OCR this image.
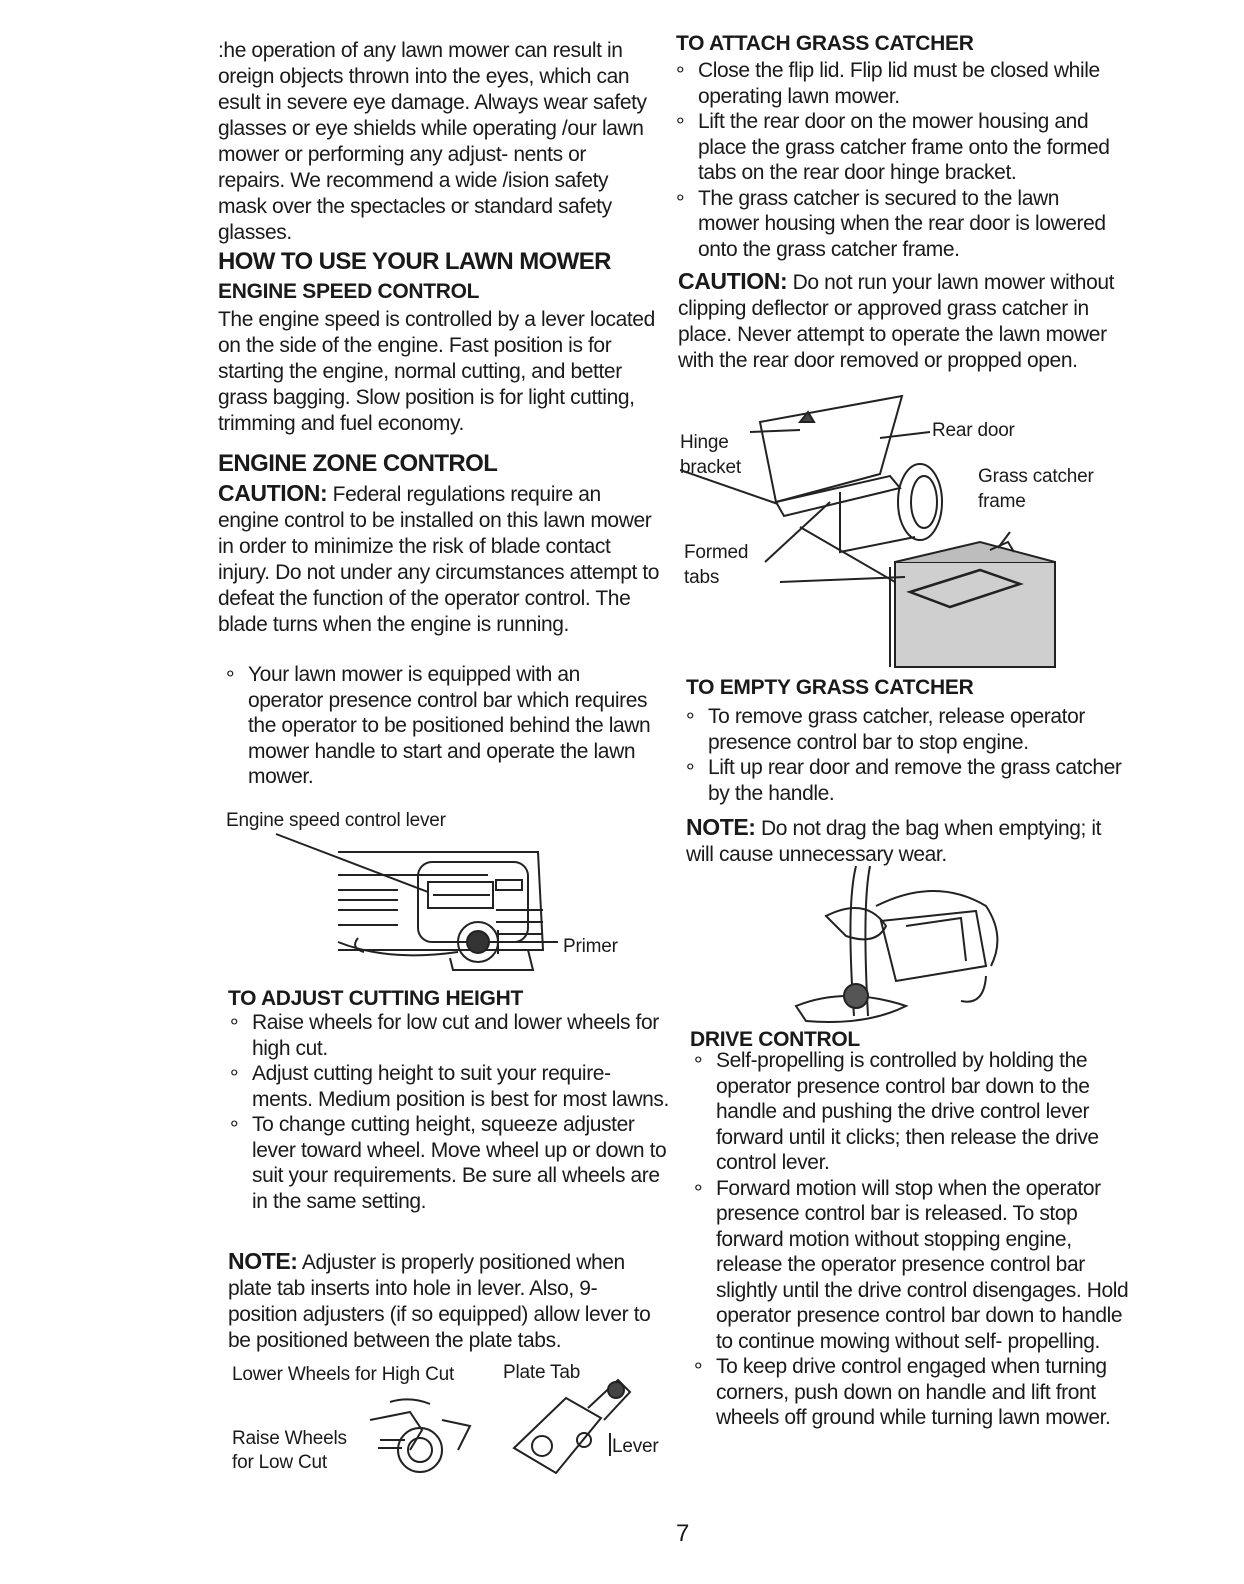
:he operation of any lawn mower can result in oreign objects thrown into the eyes, which can esult in severe eye damage. Always wear safety glasses or eye shields while operating /our lawn mower or performing any adjust- nents or repairs. We recommend a wide /ision safety mask over the spectacles or standard safety glasses.

HOW TO USE YOUR LAWN MOWER
ENGINE SPEED CONTROL

The engine speed is controlled by a lever located on the side of the engine. Fast position is for starting the engine, normal cutting, and better grass bagging. Slow position is for light cutting, trimming and fuel economy.

ENGINE ZONE CONTROL

CAUTION: Federal regulations require an engine control to be installed on this lawn mower in order to minimize the risk of blade contact injury. Do not under any circumstances attempt to defeat the function of the operator control. The blade turns when the engine is running.

∘ Your lawn mower is equipped with an operator presence control bar which requires the operator to be positioned behind the lawn mower handle to start and operate the lawn mower.
Engine speed control lever
Primer
TO ADJUST CUTTING HEIGHT
∘ Raise wheels for low cut and lower wheels for high cut.
∘ Adjust cutting height to suit your require- ments. Medium position is best for most lawns.
∘ To change cutting height, squeeze adjuster lever toward wheel. Move wheel up or down to suit your requirements. Be sure all wheels are in the same setting.

NOTE: Adjuster is properly positioned when plate tab inserts into hole in lever. Also, 9- position adjusters (if so equipped) allow lever to be positioned between the plate tabs.

Lower Wheels for High Cut	Plate Tab
Raise Wheels
for Low Cut
Lever
TO ATTACH GRASS CATCHER
∘ Close the flip lid. Flip lid must be closed while operating lawn mower.
∘ Lift the rear door on the mower housing and place the grass catcher frame onto the formed tabs on the rear door hinge bracket.
∘ The grass catcher is secured to the lawn mower housing when the rear door is lowered onto the grass catcher frame.

CAUTION: Do not run your lawn mower without clipping deflector or approved grass catcher in place. Never attempt to operate the lawn mower with the rear door removed or propped open.

Hinge
bracket
Rear door
Grass catcher
frame
Formed
tabs
TO EMPTY GRASS CATCHER
∘ To remove grass catcher, release operator presence control bar to stop engine.
∘ Lift up rear door and remove the grass catcher by the handle.

NOTE: Do not drag the bag when emptying; it will cause unnecessary wear.

DRIVE CONTROL
∘ Self-propelling is controlled by holding the operator presence control bar down to the handle and pushing the drive control lever forward until it clicks; then release the drive control lever.
∘ Forward motion will stop when the operator presence control bar is released. To stop forward motion without stopping engine, release the operator presence control bar slightly until the drive control disengages. Hold operator presence control bar down to handle to continue mowing without self- propelling.
∘ To keep drive control engaged when turning corners, push down on handle and lift front wheels off ground while turning lawn mower.
7
